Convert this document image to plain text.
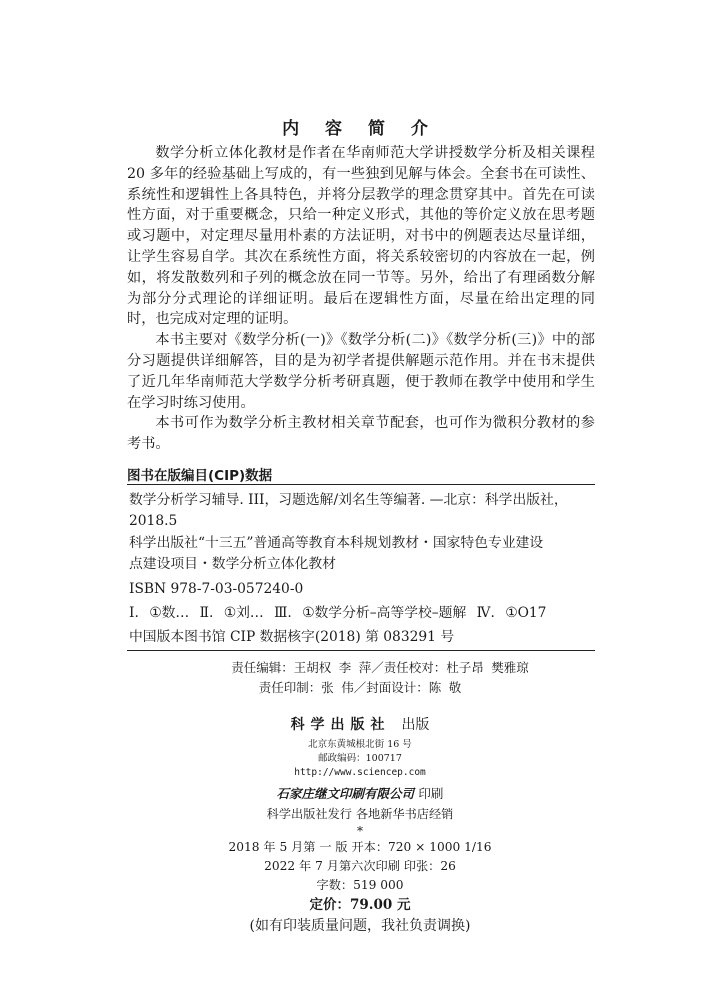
内 容 简 介

数学分析立体化教材是作者在华南师范大学讲授数学分析及相关课程 20 多年的经验基础上写成的，有一些独到见解与体会。全套书在可读性、系统性和逻辑性上各具特色，并将分层教学的理念贯穿其中。首先在可读性方面，对于重要概念，只给一种定义形式，其他的等价定义放在思考题或习题中，对定理尽量用朴素的方法证明，对书中的例题表达尽量详细，让学生容易自学。其次在系统性方面，将关系较密切的内容放在一起，例如，将发散数列和子列的概念放在同一节等。另外，给出了有理函数分解为部分分式理论的详细证明。最后在逻辑性方面，尽量在给出定理的同时，也完成对定理的证明。

本书主要对《数学分析(一)》《数学分析(二)》《数学分析(三)》中的部分习题提供详细解答，目的是为初学者提供解题示范作用。并在书末提供了近几年华南师范大学数学分析考研真题，便于教师在教学中使用和学生在学习时练习使用。

本书可作为数学分析主教材相关章节配套，也可作为微积分教材的参考书。

图书在版编目(CIP)数据

数学分析学习辅导. III，习题选解/刘名生等编著. —北京：科学出版社，

2018.5

科学出版社“十三五”普通高等教育本科规划教材・国家特色专业建设

点建设项目・数学分析立体化教材

ISBN 978-7-03-057240-0

Ⅰ. ①数… Ⅱ. ①刘… Ⅲ. ①数学分析–高等学校–题解 Ⅳ. ①O17

中国版本图书馆 CIP 数据核字(2018) 第 083291 号

责任编辑：王胡权 李 萍／责任校对：杜子昂 樊雅琼
责任印制：张 伟／封面设计：陈 敬
科学出版社 出版
北京东黄城根北街 16 号
邮政编码：100717
http://www.sciencep.com
石家庄继文印刷有限公司 印刷
科学出版社发行 各地新华书店经销
*
2018 年 5 月第 一 版 开本：720 × 1000 1/16
2022 年 7 月第六次印刷 印张：26
字数：519 000
定价：79.00 元
(如有印装质量问题，我社负责调换)
